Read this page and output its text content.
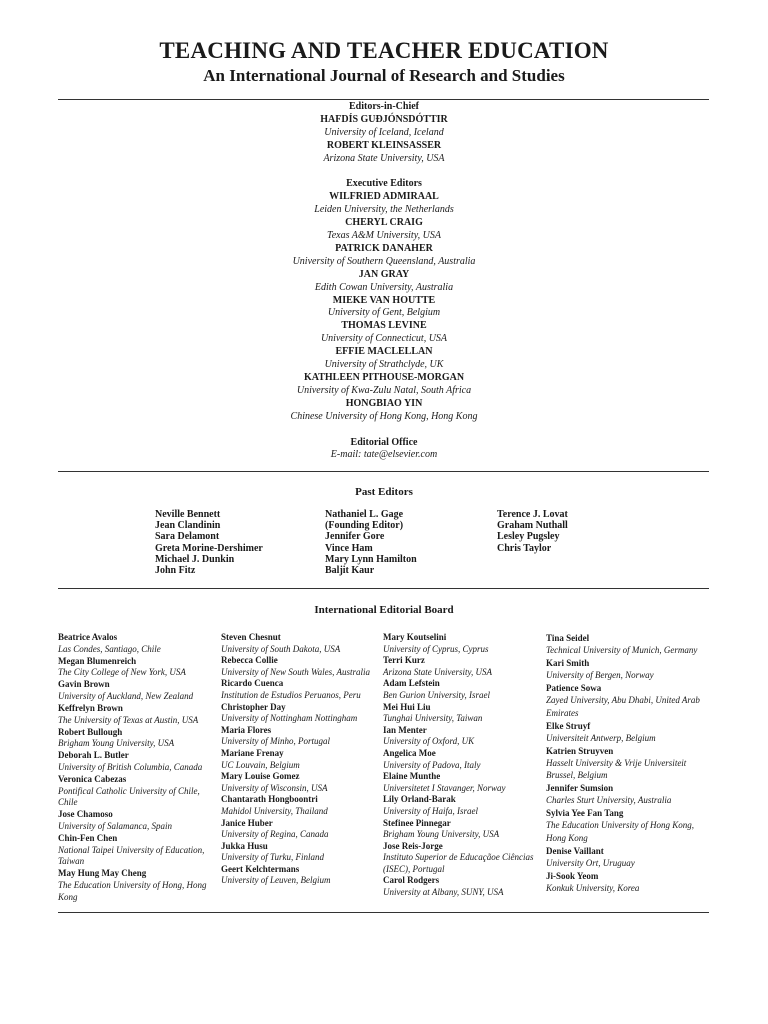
TEACHING AND TEACHER EDUCATION
An International Journal of Research and Studies
Editors-in-Chief
HAFDÍS GUÐJÓNSDÓTTIR
University of Iceland, Iceland
ROBERT KLEINSASSER
Arizona State University, USA
Executive Editors
WILFRIED ADMIRAAL
Leiden University, the Netherlands
CHERYL CRAIG
Texas A&M University, USA
PATRICK DANAHER
University of Southern Queensland, Australia
JAN GRAY
Edith Cowan University, Australia
MIEKE VAN HOUTTE
University of Gent, Belgium
THOMAS LEVINE
University of Connecticut, USA
EFFIE MACLELLAN
University of Strathclyde, UK
KATHLEEN PITHOUSE-MORGAN
University of Kwa-Zulu Natal, South Africa
HONGBIAO YIN
Chinese University of Hong Kong, Hong Kong
Editorial Office
E-mail: tate@elsevier.com
Past Editors
Neville Bennett
Jean Clandinin
Sara Delamont
Greta Morine-Dershimer
Michael J. Dunkin
John Fitz
Nathaniel L. Gage
(Founding Editor)
Jennifer Gore
Vince Ham
Mary Lynn Hamilton
Baljit Kaur
Terence J. Lovat
Graham Nuthall
Lesley Pugsley
Chris Taylor
International Editorial Board
Beatrice Avalos
Las Condes, Santiago, Chile
Megan Blumenreich
The City College of New York, USA
Gavin Brown
University of Auckland, New Zealand
Keffrelyn Brown
The University of Texas at Austin, USA
Robert Bullough
Brigham Young University, USA
Deborah L. Butler
University of British Columbia, Canada
Veronica Cabezas
Pontifical Catholic University of Chile, Chile
Jose Chamoso
University of Salamanca, Spain
Chin-Fen Chen
National Taipei University of Education, Taiwan
May Hung May Cheng
The Education University of Hong, Hong Kong
Steven Chesnut
University of South Dakota, USA
Rebecca Collie
University of New South Wales, Australia
Ricardo Cuenca
Institution de Estudios Peruanos, Peru
Christopher Day
University of Nottingham Nottingham
Maria Flores
University of Minho, Portugal
Mariane Frenay
UC Louvain, Belgium
Mary Louise Gomez
University of Wisconsin, USA
Chantarath Hongboontri
Mahidol University, Thailand
Janice Huber
University of Regina, Canada
Jukka Husu
University of Turku, Finland
Geert Kelchtermans
University of Leuven, Belgium
Mary Koutselini
University of Cyprus, Cyprus
Terri Kurz
Arizona State University, USA
Adam Lefstein
Ben Gurion University, Israel
Mei Hui Liu
Tunghai University, Taiwan
Ian Menter
University of Oxford, UK
Angelica Moe
University of Padova, Italy
Elaine Munthe
Universitetet I Stavanger, Norway
Lily Orland-Barak
University of Haifa, Israel
Stefinee Pinnegar
Brigham Young University, USA
Jose Reis-Jorge
Instituto Superior de Educaçãoe Ciências (ISEC), Portugal
Carol Rodgers
University at Albany, SUNY, USA
Tina Seidel
Technical University of Munich, Germany
Kari Smith
University of Bergen, Norway
Patience Sowa
Zayed University, Abu Dhabi, United Arab Emirates
Elke Struyf
Universiteit Antwerp, Belgium
Katrien Struyven
Hasselt University & Vrije Universiteit Brussel, Belgium
Jennifer Sumsion
Charles Sturt University, Australia
Sylvia Yee Fan Tang
The Education University of Hong Kong, Hong Kong
Denise Vaillant
University Ort, Uruguay
Ji-Sook Yeom
Konkuk University, Korea
